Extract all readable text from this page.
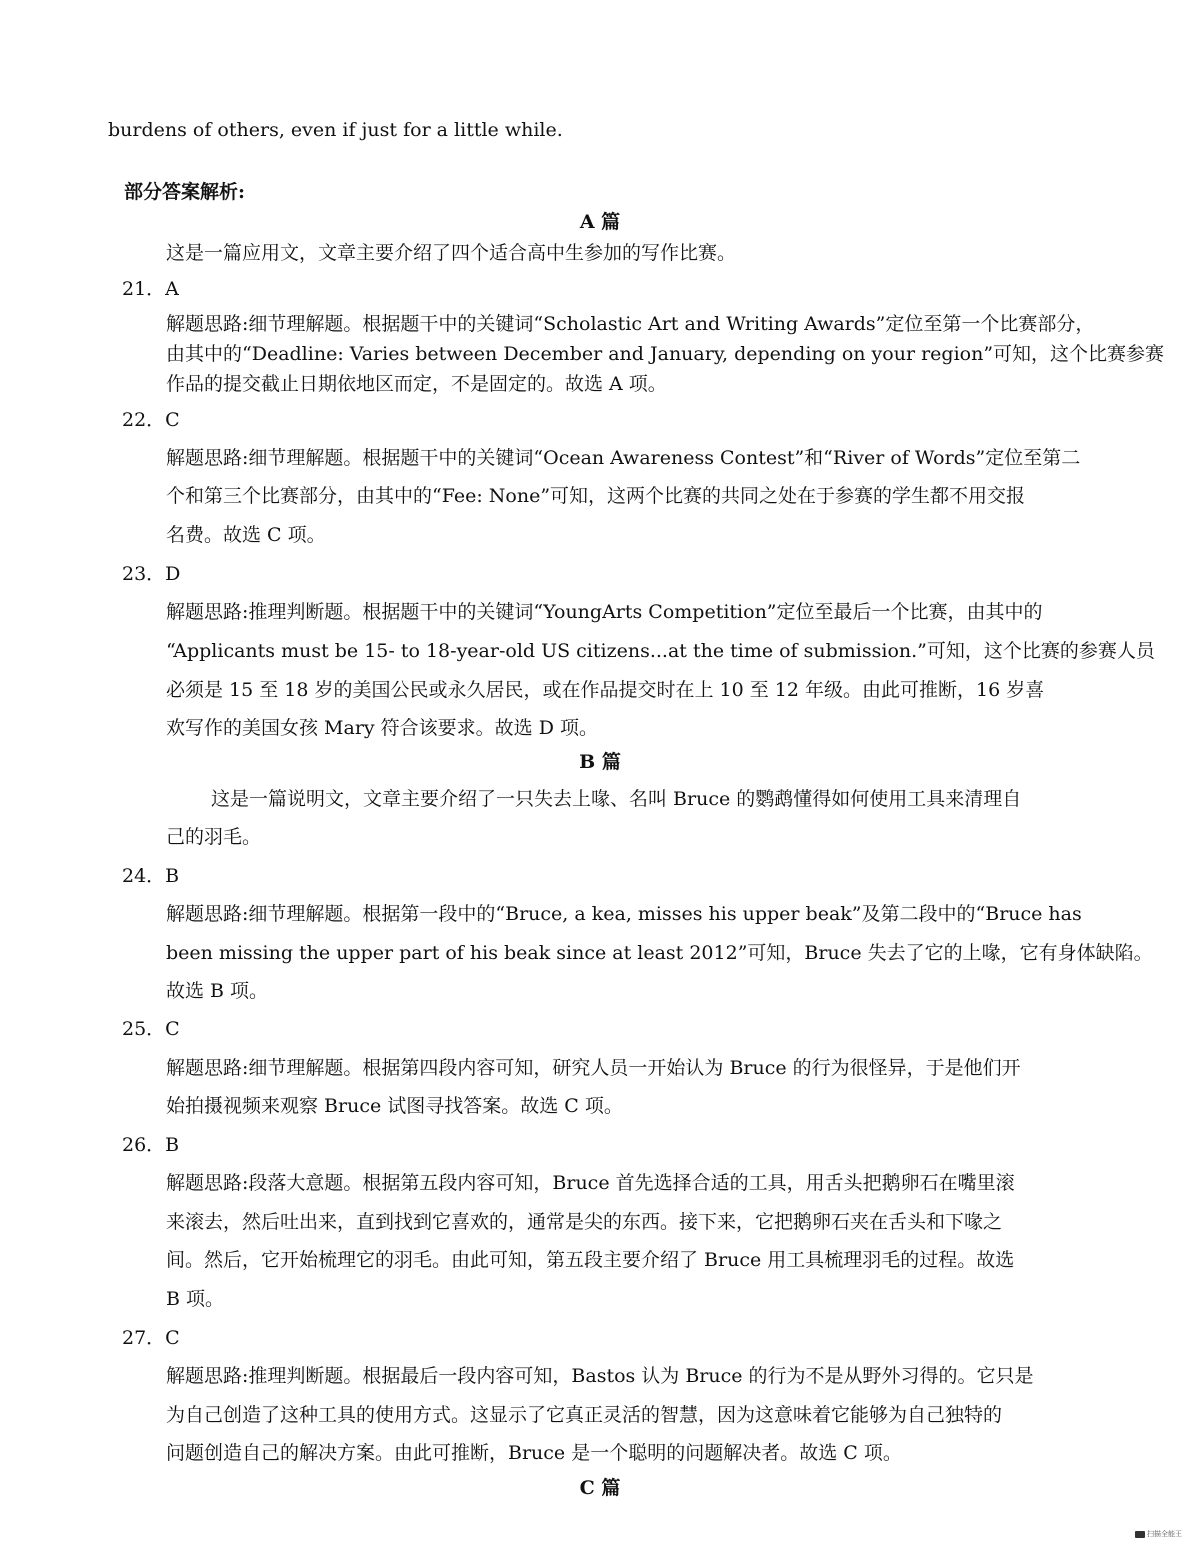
burdens of others, even if just for a little while.
部分答案解析:
A 篇
这是一篇应用文，文章主要介绍了四个适合高中生参加的写作比赛。
21．A
解题思路:细节理解题。根据题干中的关键词“Scholastic Art and Writing Awards”定位至第一个比赛部分，
由其中的“Deadline: Varies between December and January, depending on your region”可知，这个比赛参赛
作品的提交截止日期依地区而定，不是固定的。故选 A 项。
22．C
解题思路:细节理解题。根据题干中的关键词“Ocean Awareness Contest”和“River of Words”定位至第二
个和第三个比赛部分，由其中的“Fee: None”可知，这两个比赛的共同之处在于参赛的学生都不用交报
名费。故选 C 项。
23．D
解题思路:推理判断题。根据题干中的关键词“YoungArts Competition”定位至最后一个比赛，由其中的
“Applicants must be 15- to 18-year-old US citizens...at the time of submission.”可知，这个比赛的参赛人员
必须是 15 至 18 岁的美国公民或永久居民，或在作品提交时在上 10 至 12 年级。由此可推断，16 岁喜
欢写作的美国女孩 Mary 符合该要求。故选 D 项。
B 篇
这是一篇说明文，文章主要介绍了一只失去上喙、名叫 Bruce 的鹦鹉懂得如何使用工具来清理自
己的羽毛。
24．B
解题思路:细节理解题。根据第一段中的“Bruce, a kea, misses his upper beak”及第二段中的“Bruce has
been missing the upper part of his beak since at least 2012”可知，Bruce 失去了它的上喙，它有身体缺陷。
故选 B 项。
25．C
解题思路:细节理解题。根据第四段内容可知，研究人员一开始认为 Bruce 的行为很怪异，于是他们开
始拍摄视频来观察 Bruce 试图寻找答案。故选 C 项。
26．B
解题思路:段落大意题。根据第五段内容可知，Bruce 首先选择合适的工具，用舌头把鹅卵石在嘴里滚
来滚去，然后吐出来，直到找到它喜欢的，通常是尖的东西。接下来，它把鹅卵石夹在舌头和下喙之
间。然后，它开始梳理它的羽毛。由此可知，第五段主要介绍了 Bruce 用工具梳理羽毛的过程。故选
B 项。
27．C
解题思路:推理判断题。根据最后一段内容可知，Bastos 认为 Bruce 的行为不是从野外习得的。它只是
为自己创造了这种工具的使用方式。这显示了它真正灵活的智慧，因为这意味着它能够为自己独特的
问题创造自己的解决方案。由此可推断，Bruce 是一个聪明的问题解决者。故选 C 项。
C 篇
扫描全能王
